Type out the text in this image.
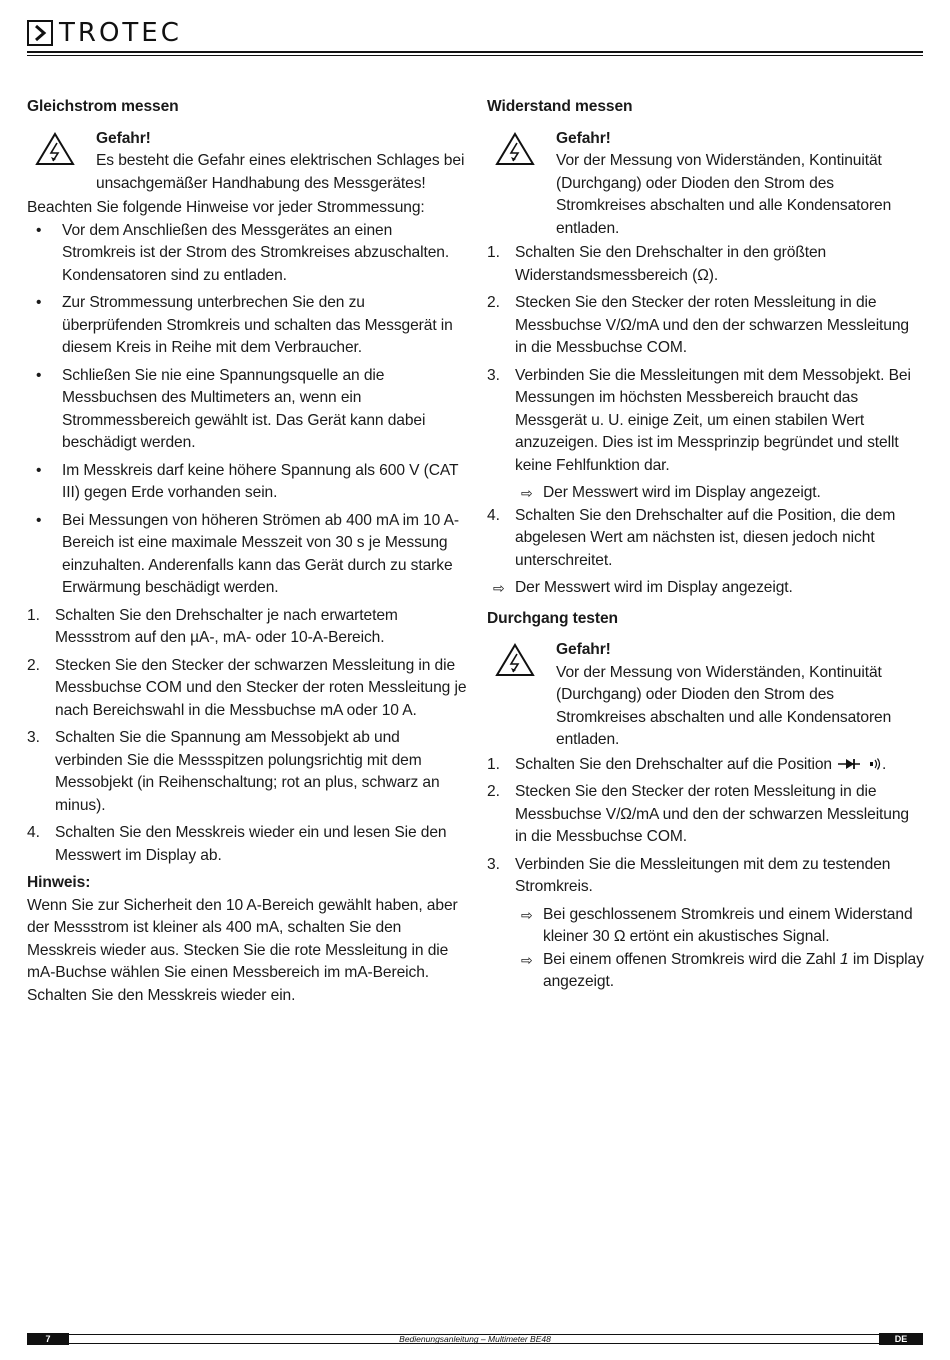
TROTEC
Gleichstrom messen
Gefahr!
Es besteht die Gefahr eines elektrischen Schlages bei unsachgemäßer Handhabung des Messgerätes!

Beachten Sie folgende Hinweise vor jeder Strommessung:

• Vor dem Anschließen des Messgerätes an einen Stromkreis ist der Strom des Stromkreises abzuschalten. Kondensatoren sind zu entladen.
• Zur Strommessung unterbrechen Sie den zu überprüfenden Stromkreis und schalten das Messgerät in diesem Kreis in Reihe mit dem Verbraucher.
• Schließen Sie nie eine Spannungsquelle an die Messbuchsen des Multimeters an, wenn ein Strommessbereich gewählt ist. Das Gerät kann dabei beschädigt werden.
• Im Messkreis darf keine höhere Spannung als 600 V (CAT III) gegen Erde vorhanden sein.
• Bei Messungen von höheren Strömen ab 400 mA im 10 A-Bereich ist eine maximale Messzeit von 30 s je Messung einzuhalten. Anderenfalls kann das Gerät durch zu starke Erwärmung beschädigt werden.
1. Schalten Sie den Drehschalter je nach erwartetem Messstrom auf den µA-, mA- oder 10-A-Bereich.
2. Stecken Sie den Stecker der schwarzen Messleitung in die Messbuchse COM und den Stecker der roten Messleitung je nach Bereichswahl in die Messbuchse mA oder 10 A.
3. Schalten Sie die Spannung am Messobjekt ab und verbinden Sie die Messspitzen polungsrichtig mit dem Messobjekt (in Reihenschaltung; rot an plus, schwarz an minus).
4. Schalten Sie den Messkreis wieder ein und lesen Sie den Messwert im Display ab.
Hinweis:

Wenn Sie zur Sicherheit den 10 A-Bereich gewählt haben, aber der Messstrom ist kleiner als 400 mA, schalten Sie den Messkreis wieder aus. Stecken Sie die rote Messleitung in die mA-Buchse wählen Sie einen Messbereich im mA-Bereich. Schalten Sie den Messkreis wieder ein.

Widerstand messen
Gefahr!
Vor der Messung von Widerständen, Kontinuität (Durchgang) oder Dioden den Strom des Stromkreises abschalten und alle Kondensatoren entladen.
1. Schalten Sie den Drehschalter in den größten Widerstandsmessbereich (Ω).
2. Stecken Sie den Stecker der roten Messleitung in die Messbuchse V/Ω/mA und den der schwarzen Messleitung in die Messbuchse COM.
3. Verbinden Sie die Messleitungen mit dem Messobjekt. Bei Messungen im höchsten Messbereich braucht das Messgerät u. U. einige Zeit, um einen stabilen Wert anzuzeigen. Dies ist im Messprinzip begründet und stellt keine Fehlfunktion dar.
⇨ Der Messwert wird im Display angezeigt.
4. Schalten Sie den Drehschalter auf die Position, die dem abgelesen Wert am nächsten ist, diesen jedoch nicht unterschreitet.
⇨ Der Messwert wird im Display angezeigt.
Durchgang testen
Gefahr!
Vor der Messung von Widerständen, Kontinuität (Durchgang) oder Dioden den Strom des Stromkreises abschalten und alle Kondensatoren entladen.
1. Schalten Sie den Drehschalter auf die Position	.
2. Stecken Sie den Stecker der roten Messleitung in die Messbuchse V/Ω/mA und den der schwarzen Messleitung in die Messbuchse COM.
3. Verbinden Sie die Messleitungen mit dem zu testenden Stromkreis.
⇨ Bei geschlossenem Stromkreis und einem Widerstand kleiner 30 Ω ertönt ein akustisches Signal.
⇨ Bei einem offenen Stromkreis wird die Zahl 1 im Display angezeigt.
7	Bedienungsanleitung – Multimeter BE48	DE
